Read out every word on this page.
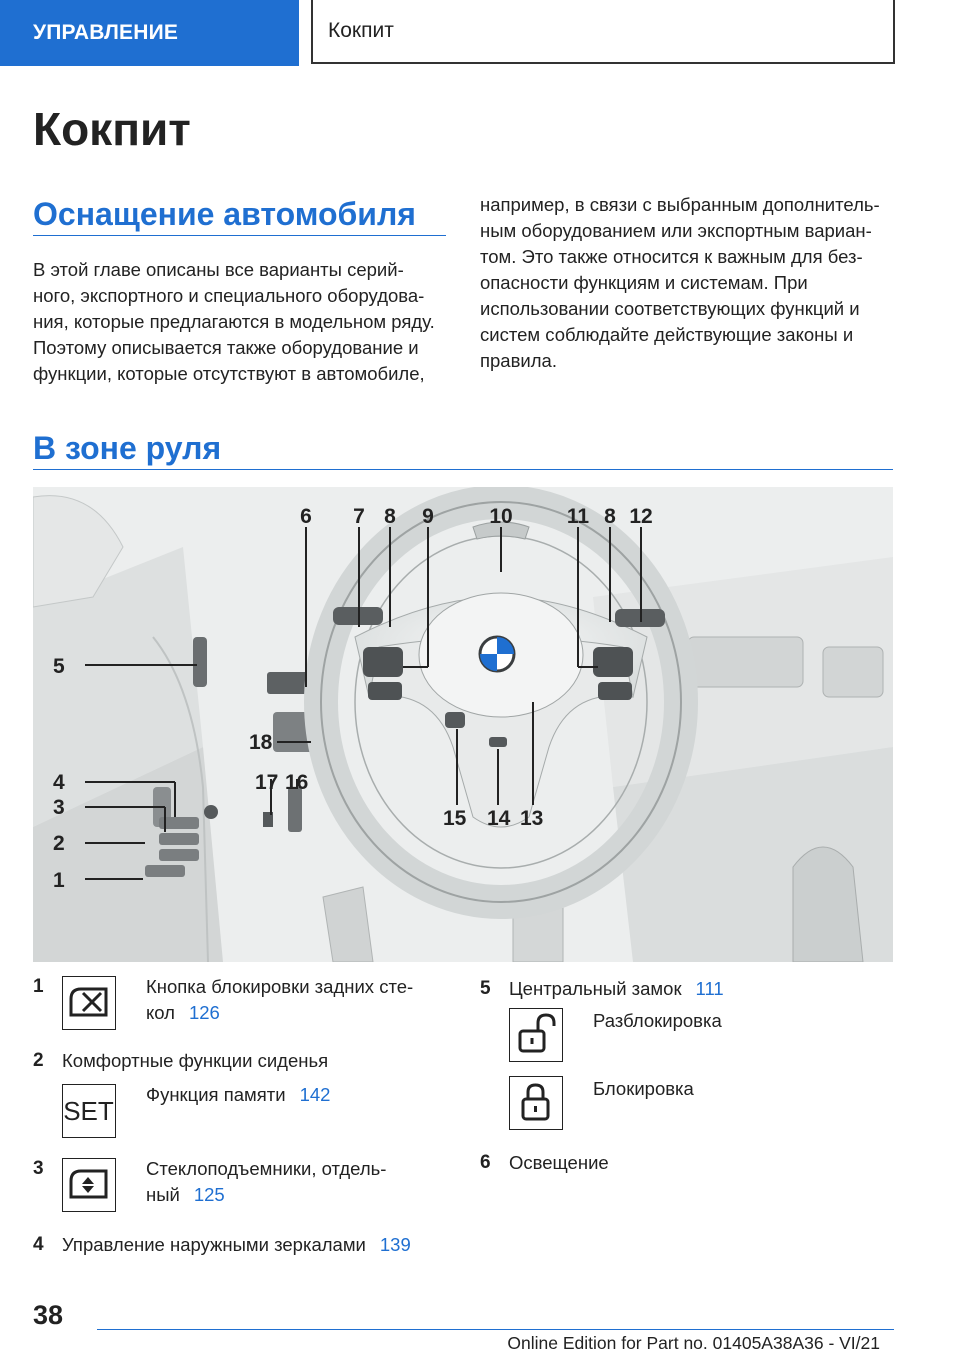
УПРАВЛЕНИЕ	Кокпит
Кокпит
Оснащение автомобиля
В этой главе описаны все варианты серий-
ного, экспортного и специального оборудова-
ния, которые предлагаются в модельном ряду.
Поэтому описывается также оборудование и
функции, которые отсутствуют в автомобиле,
например, в связи с выбранным дополнитель-
ным оборудованием или экспортным вариан-
том. Это также относится к важным для без-
опасности функциям и системам. При
использовании соответствующих функций и
систем соблюдайте действующие законы и
правила.
В зоне руля
6 7 8 9	10	11 8 12
5
4
3
2
1
18
17 16
15 14 13
1	Кнопка блокировки задних сте-
кол 126
2 Комфортные функции сиденья
SET
Функция памяти 142
3	Стеклоподъемники, отдель-
ный 125
4 Управление наружными зеркалами 139
5 Центральный замок 111
Разблокировка
Блокировка
6 Освещение
38
Online Edition for Part no. 01405A38A36 - VI/21
